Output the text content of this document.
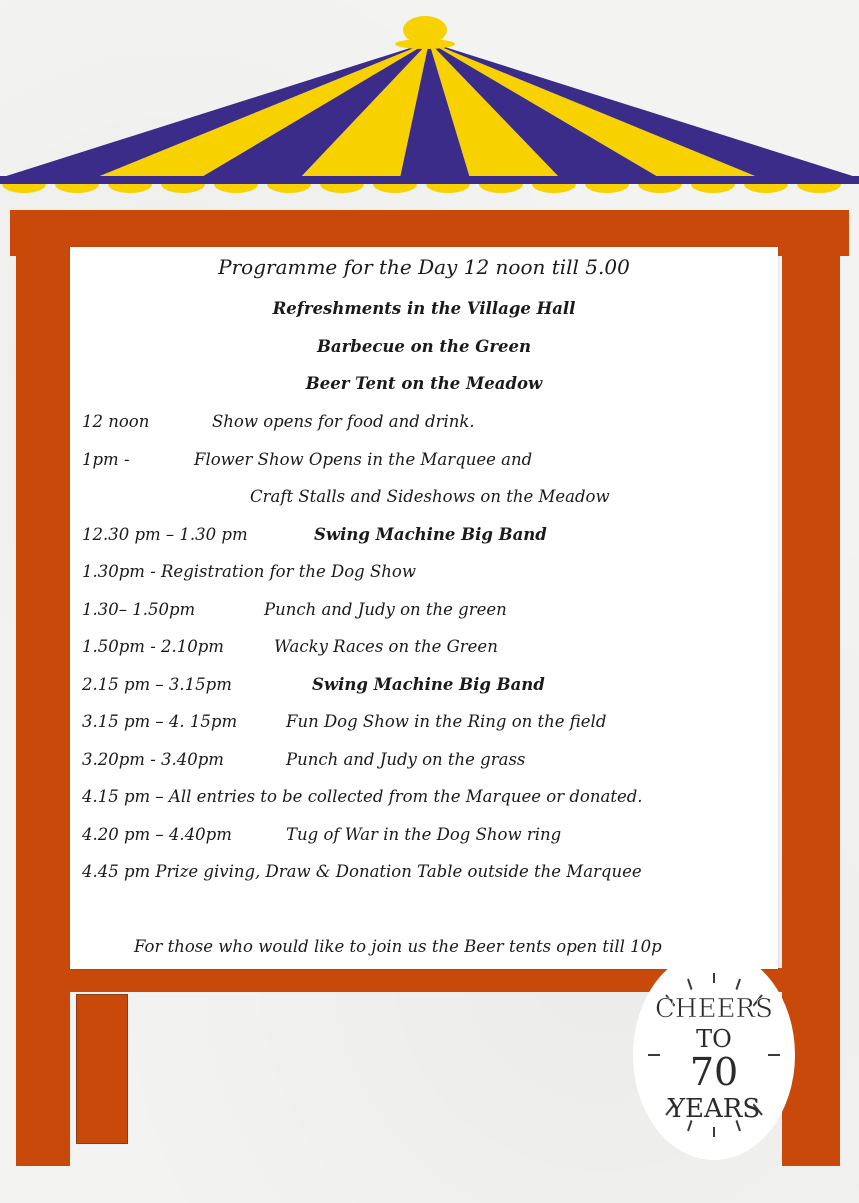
Programme for the Day 12 noon till 5.00
Refreshments in the Village Hall
Barbecue on the Green
Beer Tent on the Meadow
12 noon	Show opens for food and drink.
1pm -	Flower Show Opens in the Marquee and
Craft Stalls and Sideshows on the Meadow
12.30 pm – 1.30 pm	Swing Machine Big Band
1.30pm - Registration for the Dog Show
1.30– 1.50pm	Punch and Judy on the green
1.50pm - 2.10pm	Wacky Races on the Green
2.15 pm – 3.15pm	Swing Machine Big Band
3.15 pm – 4. 15pm	Fun Dog Show in the Ring on the field
3.20pm - 3.40pm	Punch and Judy on the grass
4.15 pm – All entries to be collected from the Marquee or donated.
4.20 pm – 4.40pm	Tug of War in the Dog Show ring
4.45 pm Prize giving, Draw & Donation Table outside the Marquee
For those who would like to join us the Beer tents open till 10p
CHEERS
TO
70
YEARS
